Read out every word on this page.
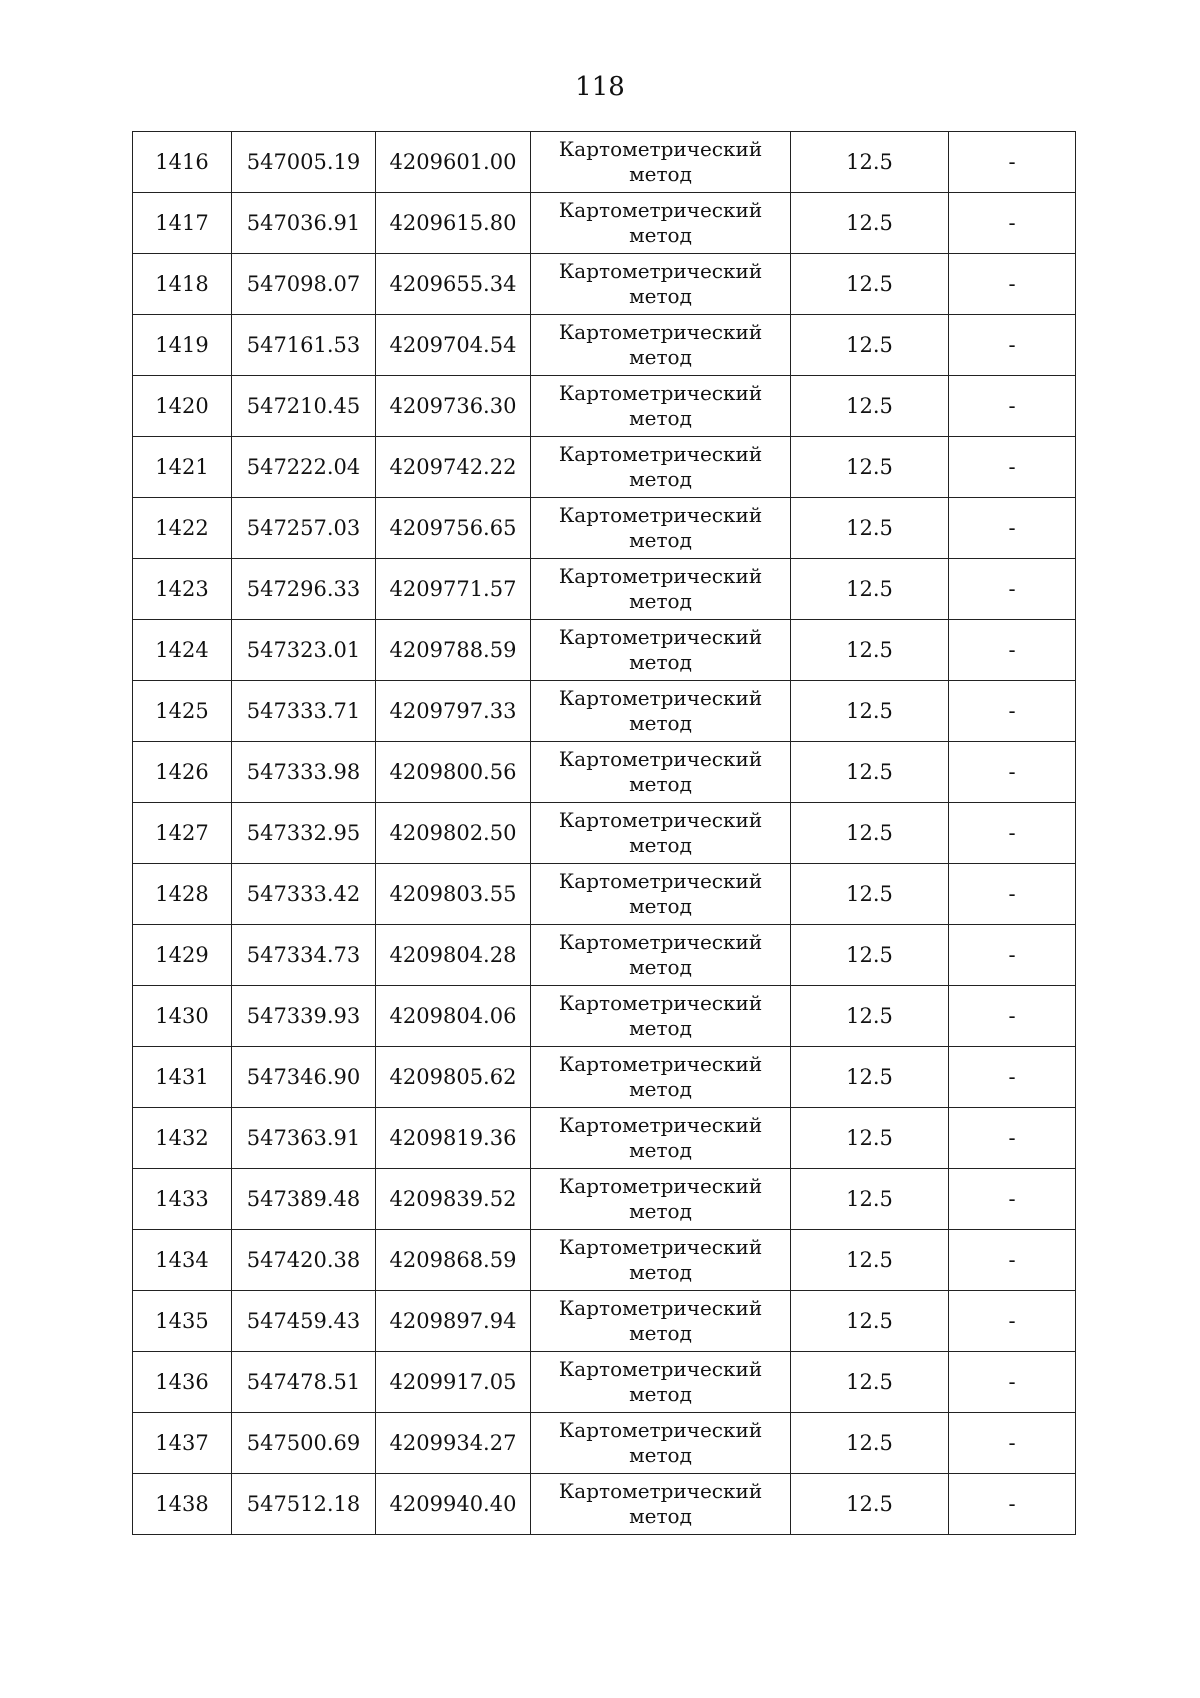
118
1416	547005.19	4209601.00	Картометрический
метод	12.5	-
1417	547036.91	4209615.80	Картометрический
метод	12.5	-
1418	547098.07	4209655.34	Картометрический
метод	12.5	-
1419	547161.53	4209704.54	Картометрический
метод	12.5	-
1420	547210.45	4209736.30	Картометрический
метод	12.5	-
1421	547222.04	4209742.22	Картометрический
метод	12.5	-
1422	547257.03	4209756.65	Картометрический
метод	12.5	-
1423	547296.33	4209771.57	Картометрический
метод	12.5	-
1424	547323.01	4209788.59	Картометрический
метод	12.5	-
1425	547333.71	4209797.33	Картометрический
метод	12.5	-
1426	547333.98	4209800.56	Картометрический
метод	12.5	-
1427	547332.95	4209802.50	Картометрический
метод	12.5	-
1428	547333.42	4209803.55	Картометрический
метод	12.5	-
1429	547334.73	4209804.28	Картометрический
метод	12.5	-
1430	547339.93	4209804.06	Картометрический
метод	12.5	-
1431	547346.90	4209805.62	Картометрический
метод	12.5	-
1432	547363.91	4209819.36	Картометрический
метод	12.5	-
1433	547389.48	4209839.52	Картометрический
метод	12.5	-
1434	547420.38	4209868.59	Картометрический
метод	12.5	-
1435	547459.43	4209897.94	Картометрический
метод	12.5	-
1436	547478.51	4209917.05	Картометрический
метод	12.5	-
1437	547500.69	4209934.27	Картометрический
метод	12.5	-
1438	547512.18	4209940.40	Картометрический
метод	12.5	-
